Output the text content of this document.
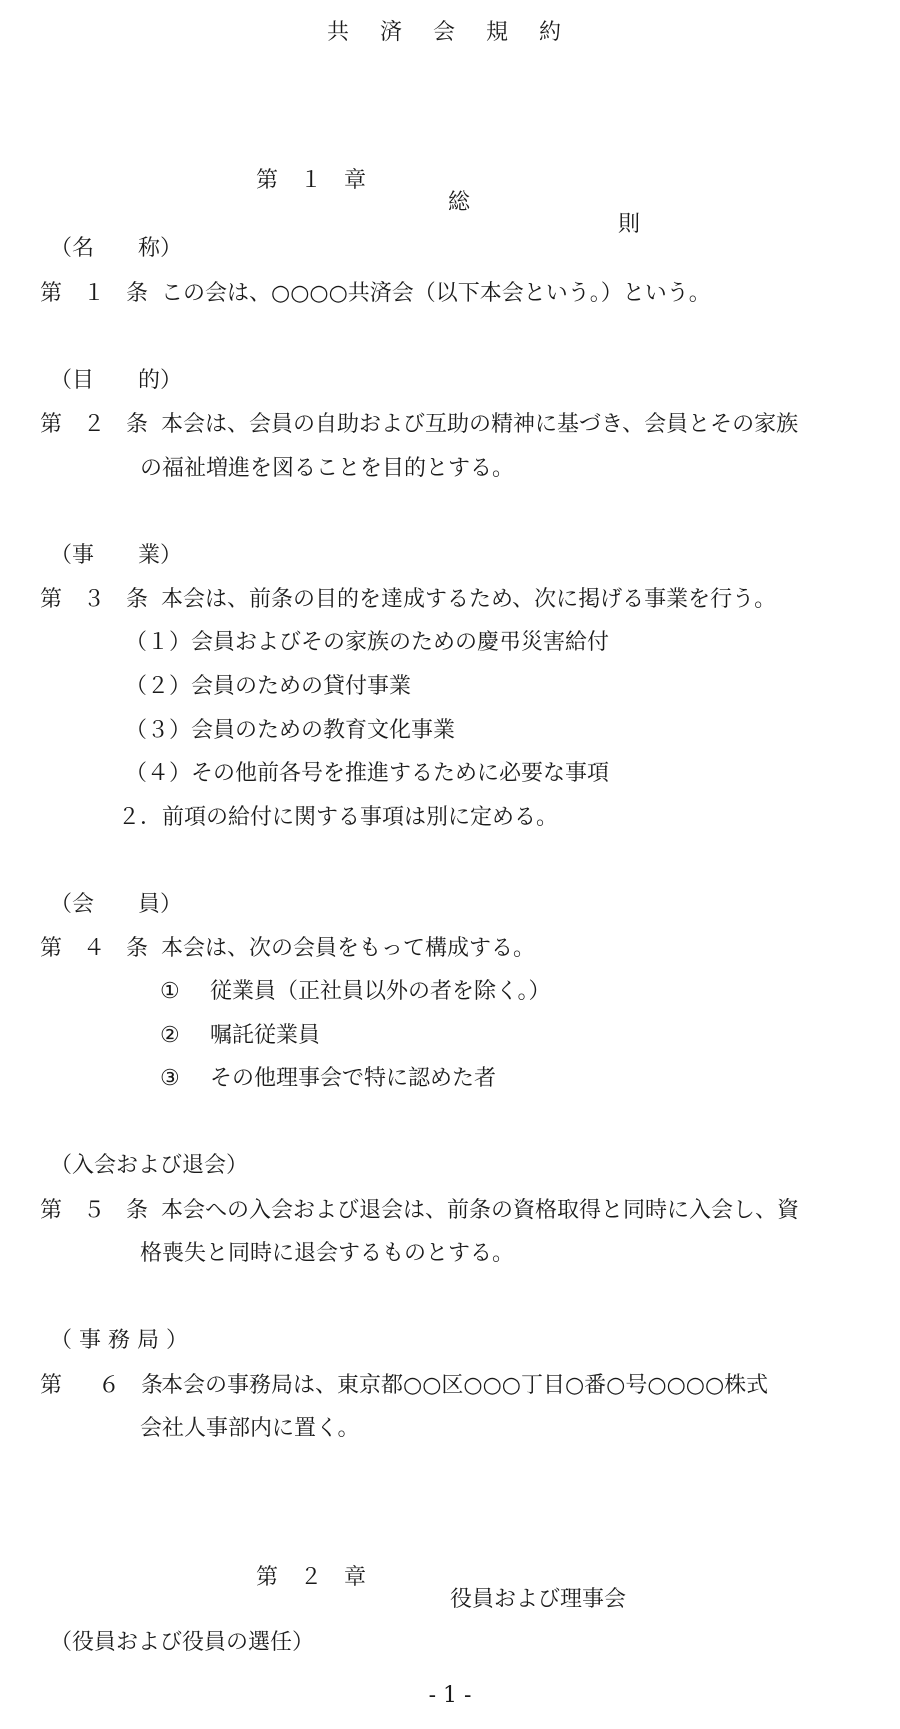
共 済 会 規 約

第　１　章

総

則

（名　　称）
第 １ 条 この会は、○○○○共済会（以下本会という。）という。
（目　　的）
第 ２ 条 本会は、会員の自助および互助の精神に基づき、会員とその家族
の福祉増進を図ることを目的とする。
（事　　業）
第 ３ 条 本会は、前条の目的を達成するため、次に掲げる事業を行う。
（１）会員およびその家族のための慶弔災害給付
（２）会員のための貸付事業
（３）会員のための教育文化事業
（４）その他前各号を推進するために必要な事項
２．前項の給付に関する事項は別に定める。
（会　　員）
第 ４ 条 本会は、次の会員をもって構成する。
① 従業員（正社員以外の者を除く。）
② 嘱託従業員
③ その他理事会で特に認めた者
（入会および退会）
第 ５ 条 本会への入会および退会は、前条の資格取得と同時に入会し、資
格喪失と同時に退会するものとする。
（ 事 務 局 ）
第　６ 条
本会の事務局は、東京都○○区○○○丁目○番○号○○○○株式
会社人事部内に置く。

第　２　章

役員および理事会

（役員および役員の選任）
- 1 -
